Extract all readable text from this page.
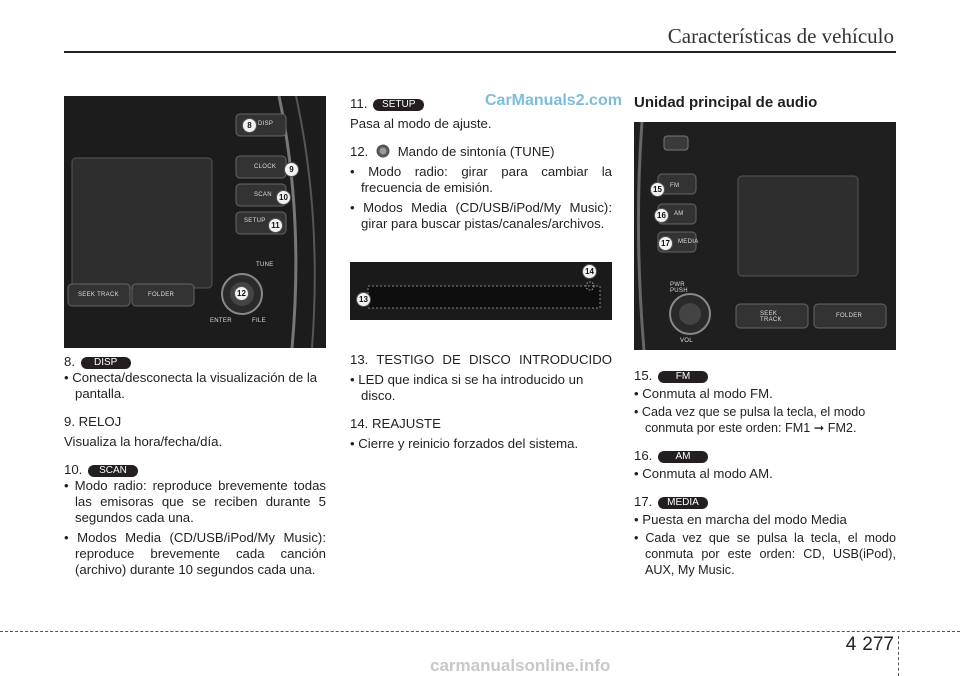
Características de vehículo
CarManuals2.com
DISP
CLOCK
SCAN
SETUP
TUNE
SEEK TRACK	FOLDER
ENTER	FILE
8
9
10
11
12

8. DISP

• Conecta/desconecta la visualización de la pantalla.

9. RELOJ

Visualiza la hora/fecha/día.

10. SCAN

• Modo radio: reproduce brevemente todas las emisoras que se reciben durante 5 segundos cada una.

• Modos Media (CD/USB/iPod/My Music): reproduce brevemente cada canción (archivo) durante 10 segundos cada una.

11. SETUP

Pasa al modo de ajuste.

12. Mando de sintonía (TUNE)

• Modo radio: girar para cambiar la frecuencia de emisión.

• Modos Media (CD/USB/iPod/My Music): girar para buscar pistas/canales/archivos.

13
14

13. TESTIGO DE DISCO INTRODUCIDO

• LED que indica si se ha introducido un disco.

14. REAJUSTE

• Cierre y reinicio forzados del sistema.

Unidad principal de audio
FM
AM
MEDIA
PWR PUSH
VOL
SEEK TRACK
FOLDER
15
16
17

15. FM

• Conmuta al modo FM.

• Cada vez que se pulsa la tecla, el modo conmuta por este orden: FM1 ➞ FM2.

16. AM

• Conmuta al modo AM.

17. MEDIA

• Puesta en marcha del modo Media

• Cada vez que se pulsa la tecla, el modo conmuta por este orden: CD, USB(iPod), AUX, My Music.

4 277
carmanualsonline.info
